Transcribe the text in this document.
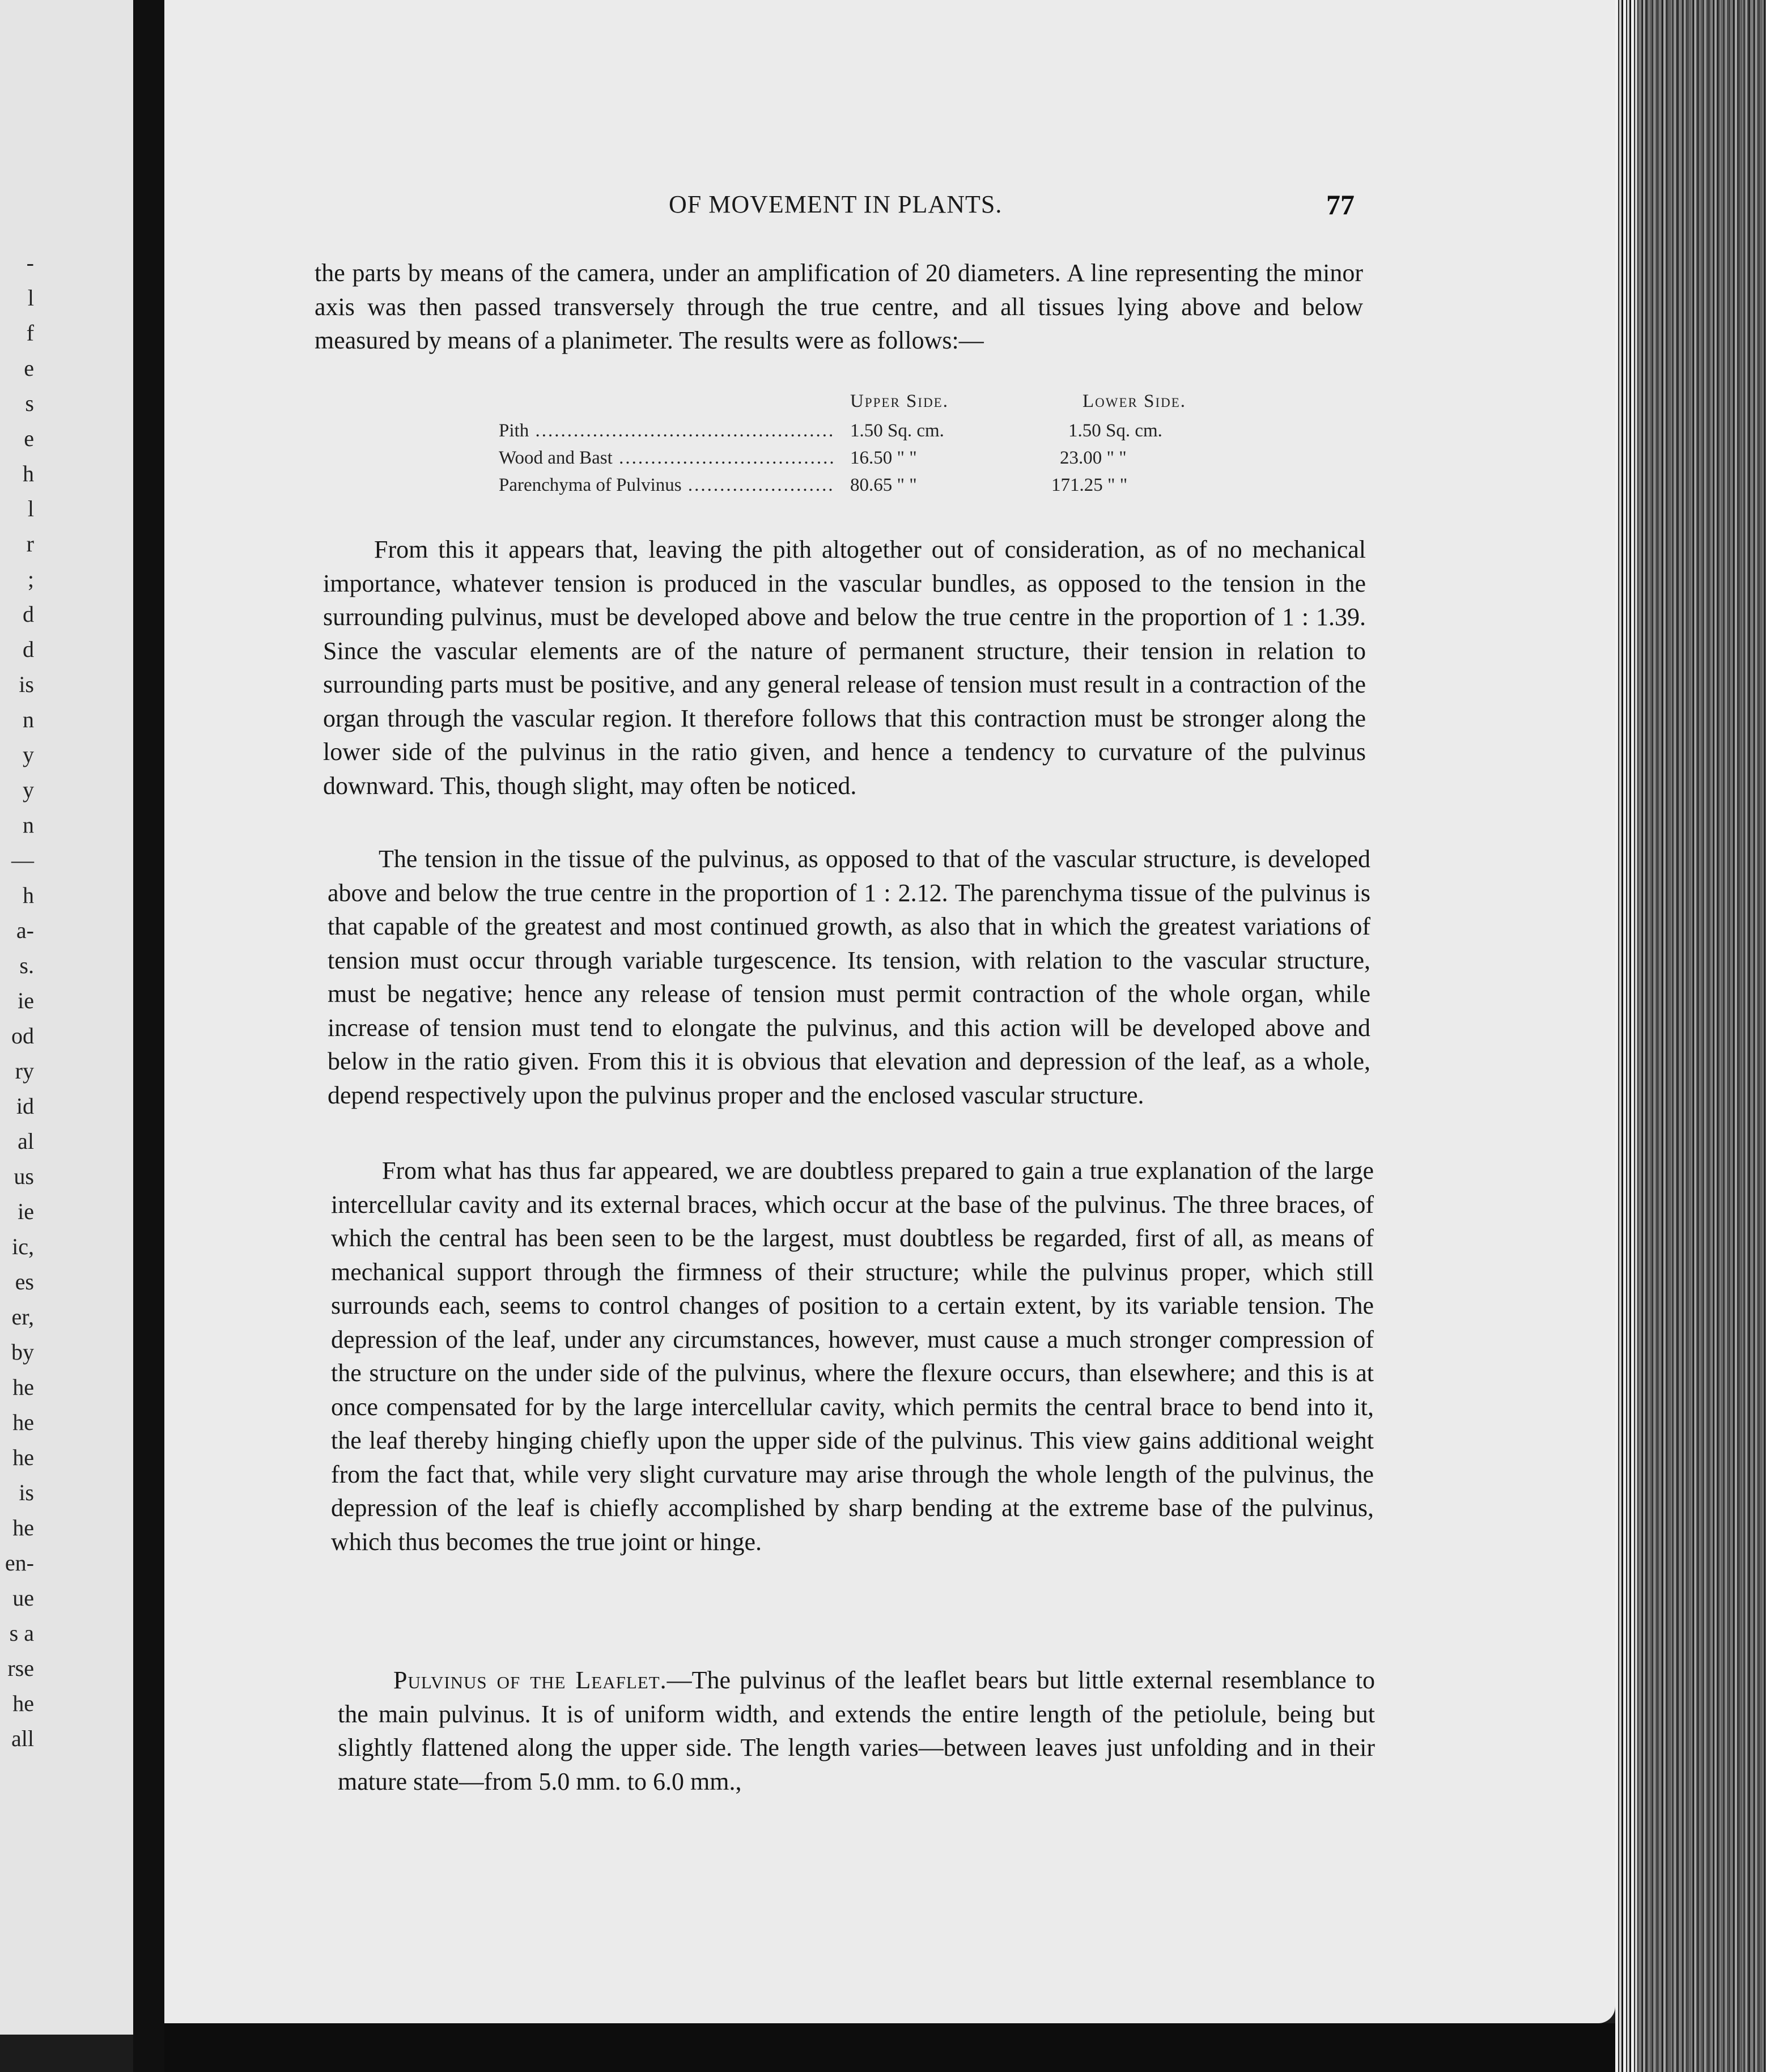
-
l
f
e
s
e
h
l
r
;
d
d
is
n
y
y
n
—
h
a-
s.
ie
od
ry
id
al
us
ie
ic,
es
er,
by
he
he
he
is
he
en-
ue
s a
rse
he
all
OF MOVEMENT IN PLANTS.	77
the parts by means of the camera, under an amplification of 20 diameters. A line representing the minor axis was then passed transversely through the true centre, and all tissues lying above and below measured by means of a planimeter. The results were as follows:—
Upper Side.	Lower Side.
Pith .....	1.50 Sq. cm.	1.50 Sq. cm.
Wood and Bast .....	16.50 " "	23.00 " "
Parenchyma of Pulvinus .....	80.65 " "	171.25 " "
From this it appears that, leaving the pith altogether out of consideration, as of no mechanical importance, whatever tension is produced in the vascular bundles, as opposed to the tension in the surrounding pulvinus, must be developed above and below the true centre in the proportion of 1 : 1.39. Since the vascular elements are of the nature of permanent structure, their tension in relation to surrounding parts must be positive, and any general release of tension must result in a contraction of the organ through the vascular region. It therefore follows that this contraction must be stronger along the lower side of the pulvinus in the ratio given, and hence a tendency to curvature of the pulvinus downward. This, though slight, may often be noticed.
The tension in the tissue of the pulvinus, as opposed to that of the vascular structure, is developed above and below the true centre in the proportion of 1 : 2.12. The parenchyma tissue of the pulvinus is that capable of the greatest and most continued growth, as also that in which the greatest variations of tension must occur through variable turgescence. Its tension, with relation to the vascular structure, must be negative; hence any release of tension must permit contraction of the whole organ, while increase of tension must tend to elongate the pulvinus, and this action will be developed above and below in the ratio given. From this it is obvious that elevation and depression of the leaf, as a whole, depend respectively upon the pulvinus proper and the enclosed vascular structure.
From what has thus far appeared, we are doubtless prepared to gain a true explanation of the large intercellular cavity and its external braces, which occur at the base of the pulvinus. The three braces, of which the central has been seen to be the largest, must doubtless be regarded, first of all, as means of mechanical support through the firmness of their structure; while the pulvinus proper, which still surrounds each, seems to control changes of position to a certain extent, by its variable tension. The depression of the leaf, under any circumstances, however, must cause a much stronger compression of the structure on the under side of the pulvinus, where the flexure occurs, than elsewhere; and this is at once compensated for by the large intercellular cavity, which permits the central brace to bend into it, the leaf thereby hinging chiefly upon the upper side of the pulvinus. This view gains additional weight from the fact that, while very slight curvature may arise through the whole length of the pulvinus, the depression of the leaf is chiefly accomplished by sharp bending at the extreme base of the pulvinus, which thus becomes the true joint or hinge.
Pulvinus of the Leaflet.—The pulvinus of the leaflet bears but little external resemblance to the main pulvinus. It is of uniform width, and extends the entire length of the petiolule, being but slightly flattened along the upper side. The length varies—between leaves just unfolding and in their mature state—from 5.0 mm. to 6.0 mm.,
